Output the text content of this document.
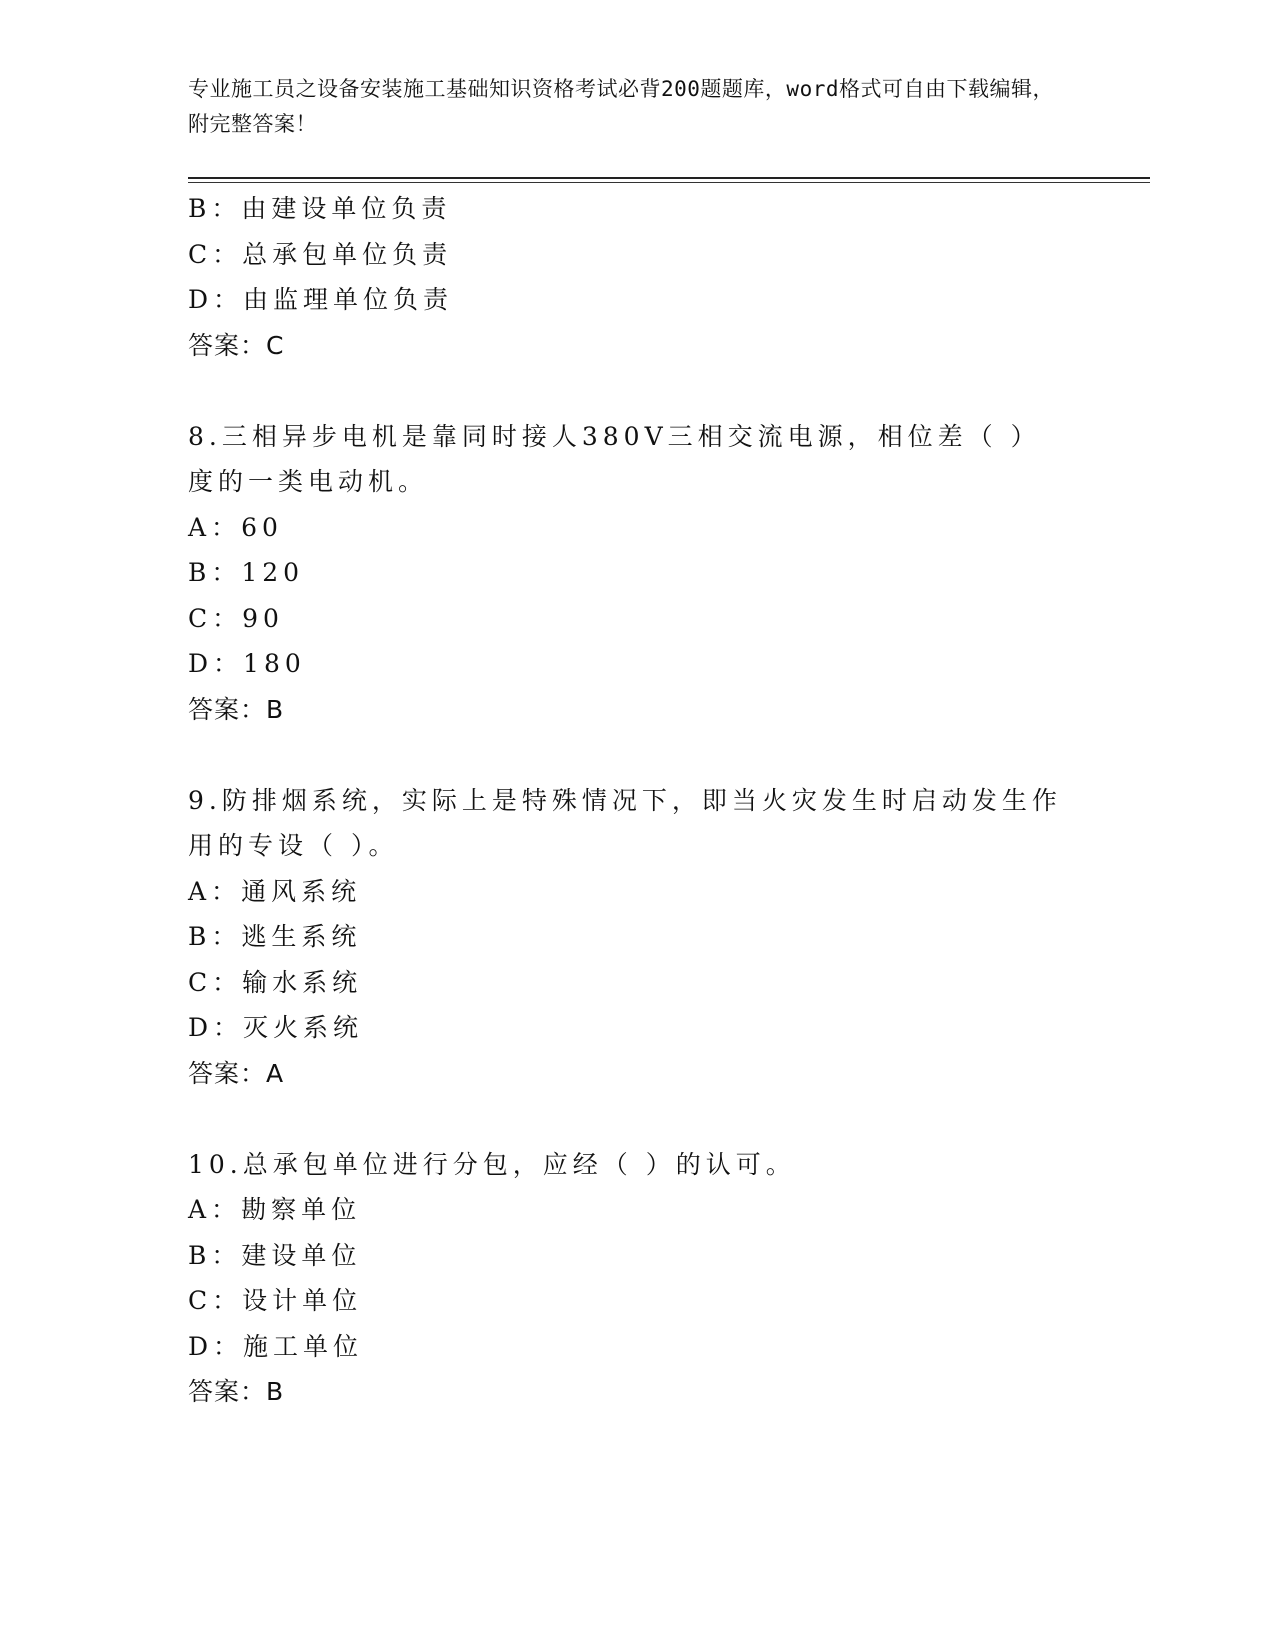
专业施工员之设备安装施工基础知识资格考试必背200题题库，word格式可自由下载编辑，附完整答案！
B：由建设单位负责
C：总承包单位负责
D：由监理单位负责
答案：C
8.三相异步电机是靠同时接人380V三相交流电源，相位差（ ）度的一类电动机。
A：60
B：120
C：90
D：180
答案：B
9.防排烟系统，实际上是特殊情况下，即当火灾发生时启动发生作用的专设（ ）。
A：通风系统
B：逃生系统
C：输水系统
D：灭火系统
答案：A
10.总承包单位进行分包，应经（ ）的认可。
A：勘察单位
B：建设单位
C：设计单位
D：施工单位
答案：B
